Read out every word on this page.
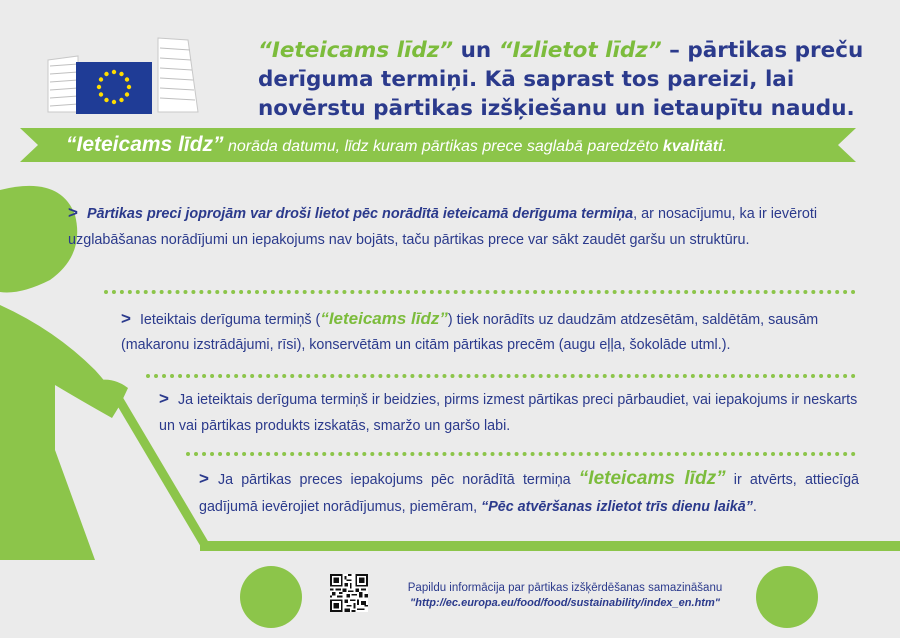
“Ieteicams līdz” un “Izlietot līdz” – pārtikas preču derīguma termiņi. Kā saprast tos pareizi, lai novērstu pārtikas izšķiešanu un ietaupītu naudu.
“Ieteicams līdz” norāda datumu, līdz kuram pārtikas prece saglabā paredzēto kvalitāti.
> Pārtikas preci joprojām var droši lietot pēc norādītā ieteicamā derīguma termiņa, ar nosacījumu, ka ir ievēroti uzglabāšanas norādījumi un iepakojums nav bojāts, taču pārtikas prece var sākt zaudēt garšu un struktūru.
> Ieteiktais derīguma termiņš (“Ieteicams līdz”) tiek norādīts uz daudzām atdzesētām, saldētām, sausām (makaronu izstrādājumi, rīsi), konservētām un citām pārtikas precēm (augu eļļa, šokolāde utml.).
> Ja ieteiktais derīguma termiņš ir beidzies, pirms izmest pārtikas preci pārbaudiet, vai iepakojums ir neskarts un vai pārtikas produkts izskatās, smaržo un garšo labi.
> Ja pārtikas preces iepakojums pēc norādītā termiņa “Ieteicams līdz” ir atvērts, attiecīgā gadījumā ievērojiet norādījumus, piemēram, “Pēc atvēršanas izlietot trīs dienu laikā”.
Papildu informācija par pārtikas izšķērdēšanas samazināšanu
"http://ec.europa.eu/food/food/sustainability/index_en.htm"
